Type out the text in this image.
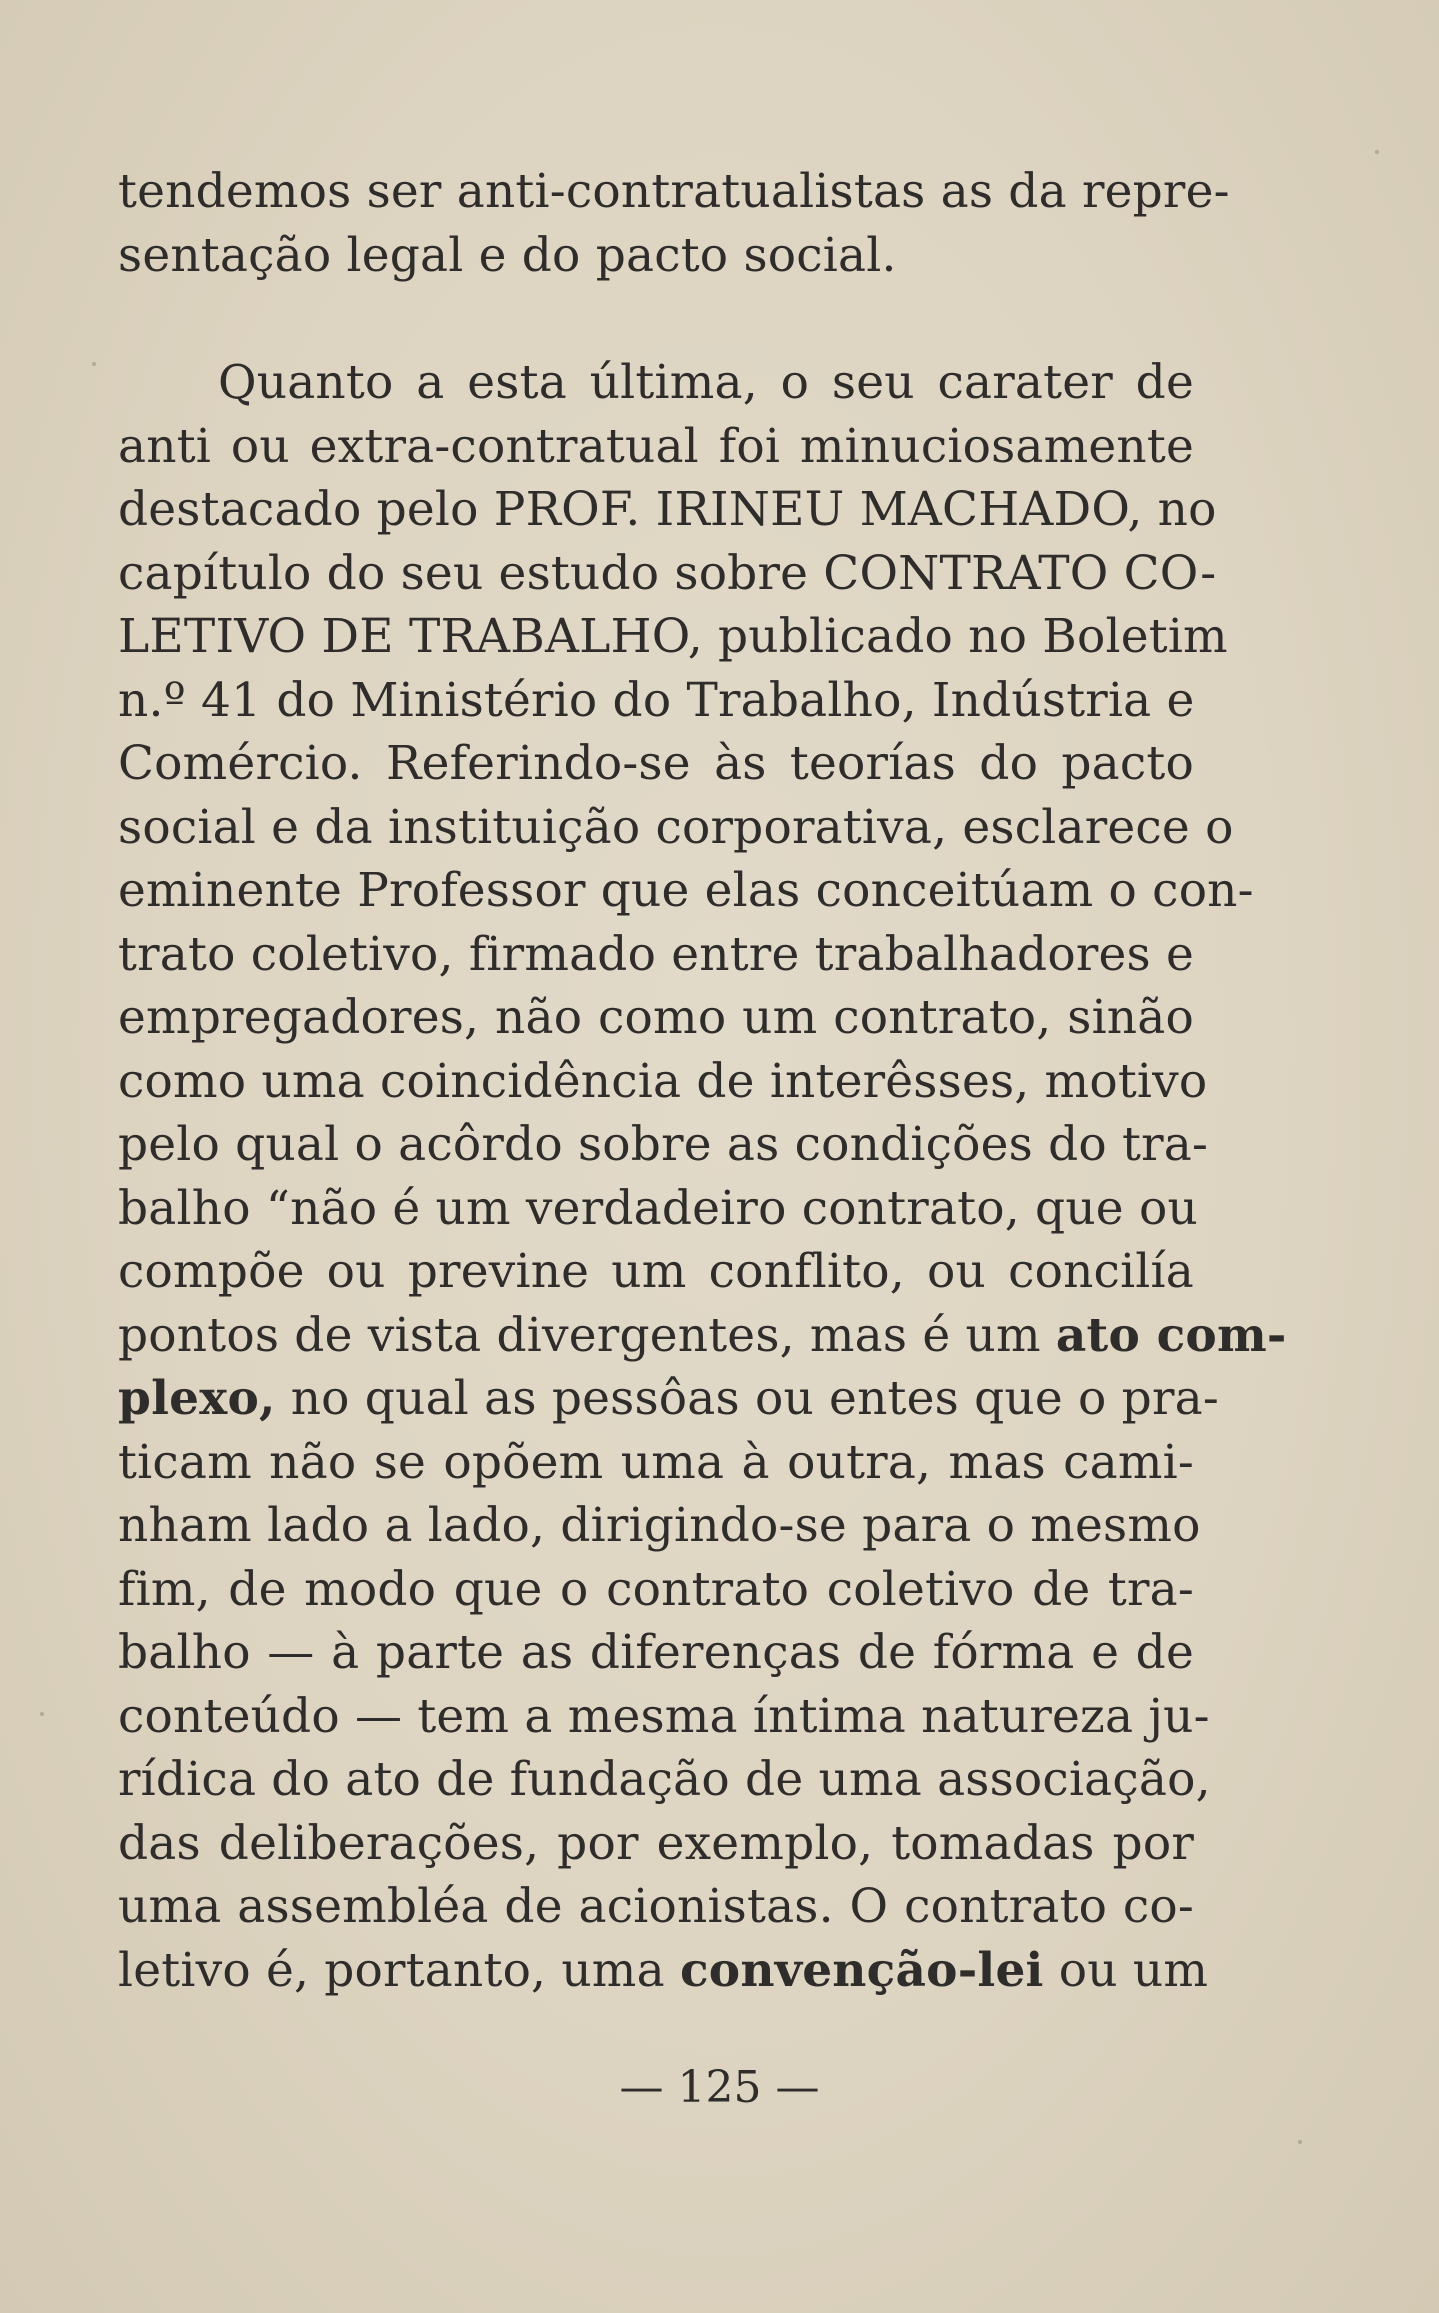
tendemos ser anti-contratualistas as da repre-
sentação legal e do pacto social.
Quanto a esta última, o seu carater de
anti ou extra-contratual foi minuciosamente
destacado pelo PROF. IRINEU MACHADO, no
capítulo do seu estudo sobre CONTRATO CO-
LETIVO DE TRABALHO, publicado no Boletim
n.º 41 do Ministério do Trabalho, Indústria e
Comércio. Referindo-se às teorías do pacto
social e da instituição corporativa, esclarece o
eminente Professor que elas conceitúam o con-
trato coletivo, firmado entre trabalhadores e
empregadores, não como um contrato, sinão
como uma coincidência de interêsses, motivo
pelo qual o acôrdo sobre as condições do tra-
balho “não é um verdadeiro contrato, que ou
compõe ou previne um conflito, ou concilía
pontos de vista divergentes, mas é um ato com-
plexo, no qual as pessôas ou entes que o pra-
ticam não se opõem uma à outra, mas cami-
nham lado a lado, dirigindo-se para o mesmo
fim, de modo que o contrato coletivo de tra-
balho — à parte as diferenças de fórma e de
conteúdo — tem a mesma íntima natureza ju-
rídica do ato de fundação de uma associação,
das deliberações, por exemplo, tomadas por
uma assembléa de acionistas. O contrato co-
letivo é, portanto, uma convenção-lei ou um
— 125 —
